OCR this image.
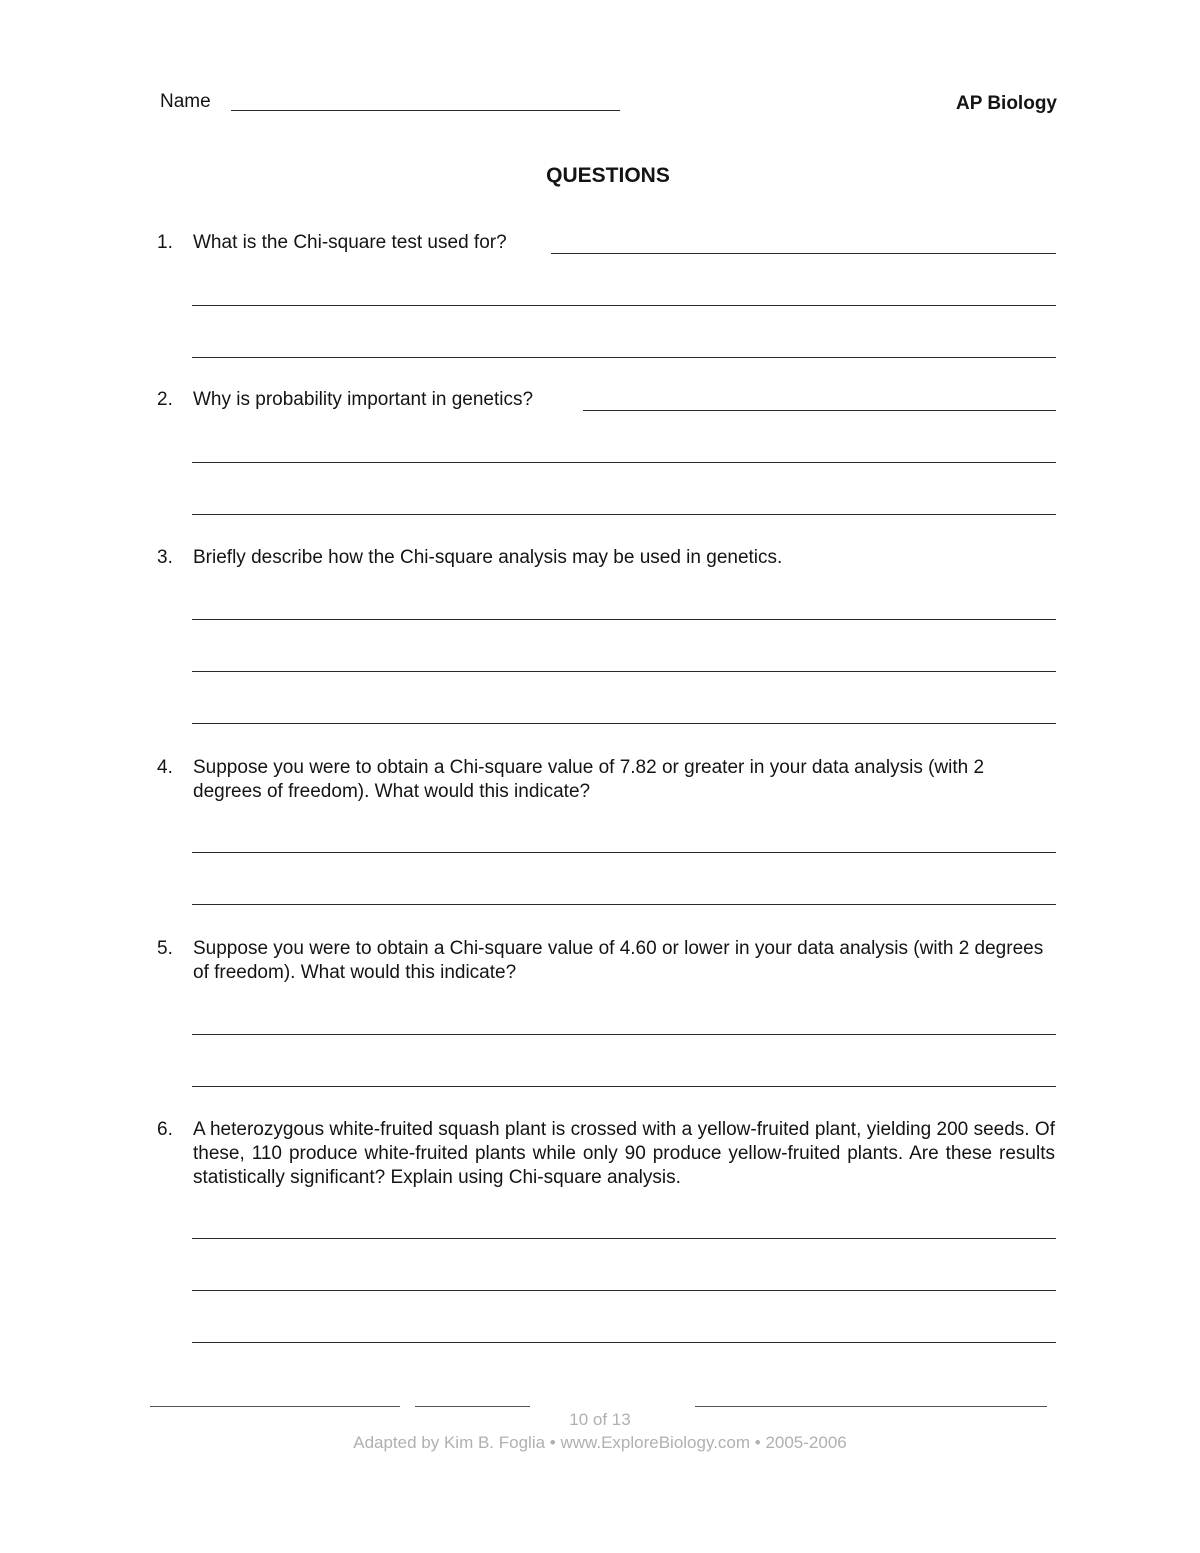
Name	AP Biology
QUESTIONS
1.	What is the Chi-square test used for?
2.	Why is probability important in genetics?
3.	Briefly describe how the Chi-square analysis may be used in genetics.
4.	Suppose you were to obtain a Chi-square value of 7.82 or greater in your data analysis (with 2 degrees of freedom). What would this indicate?
5.	Suppose you were to obtain a Chi-square value of 4.60 or lower in your data analysis (with 2 degrees of freedom). What would this indicate?
6.	A heterozygous white-fruited squash plant is crossed with a yellow-fruited plant, yielding 200 seeds. Of these, 110 produce white-fruited plants while only 90 produce yellow-fruited plants. Are these results statistically significant? Explain using Chi-square analysis.
10 of 13
Adapted by Kim B. Foglia • www.ExploreBiology.com • 2005-2006
